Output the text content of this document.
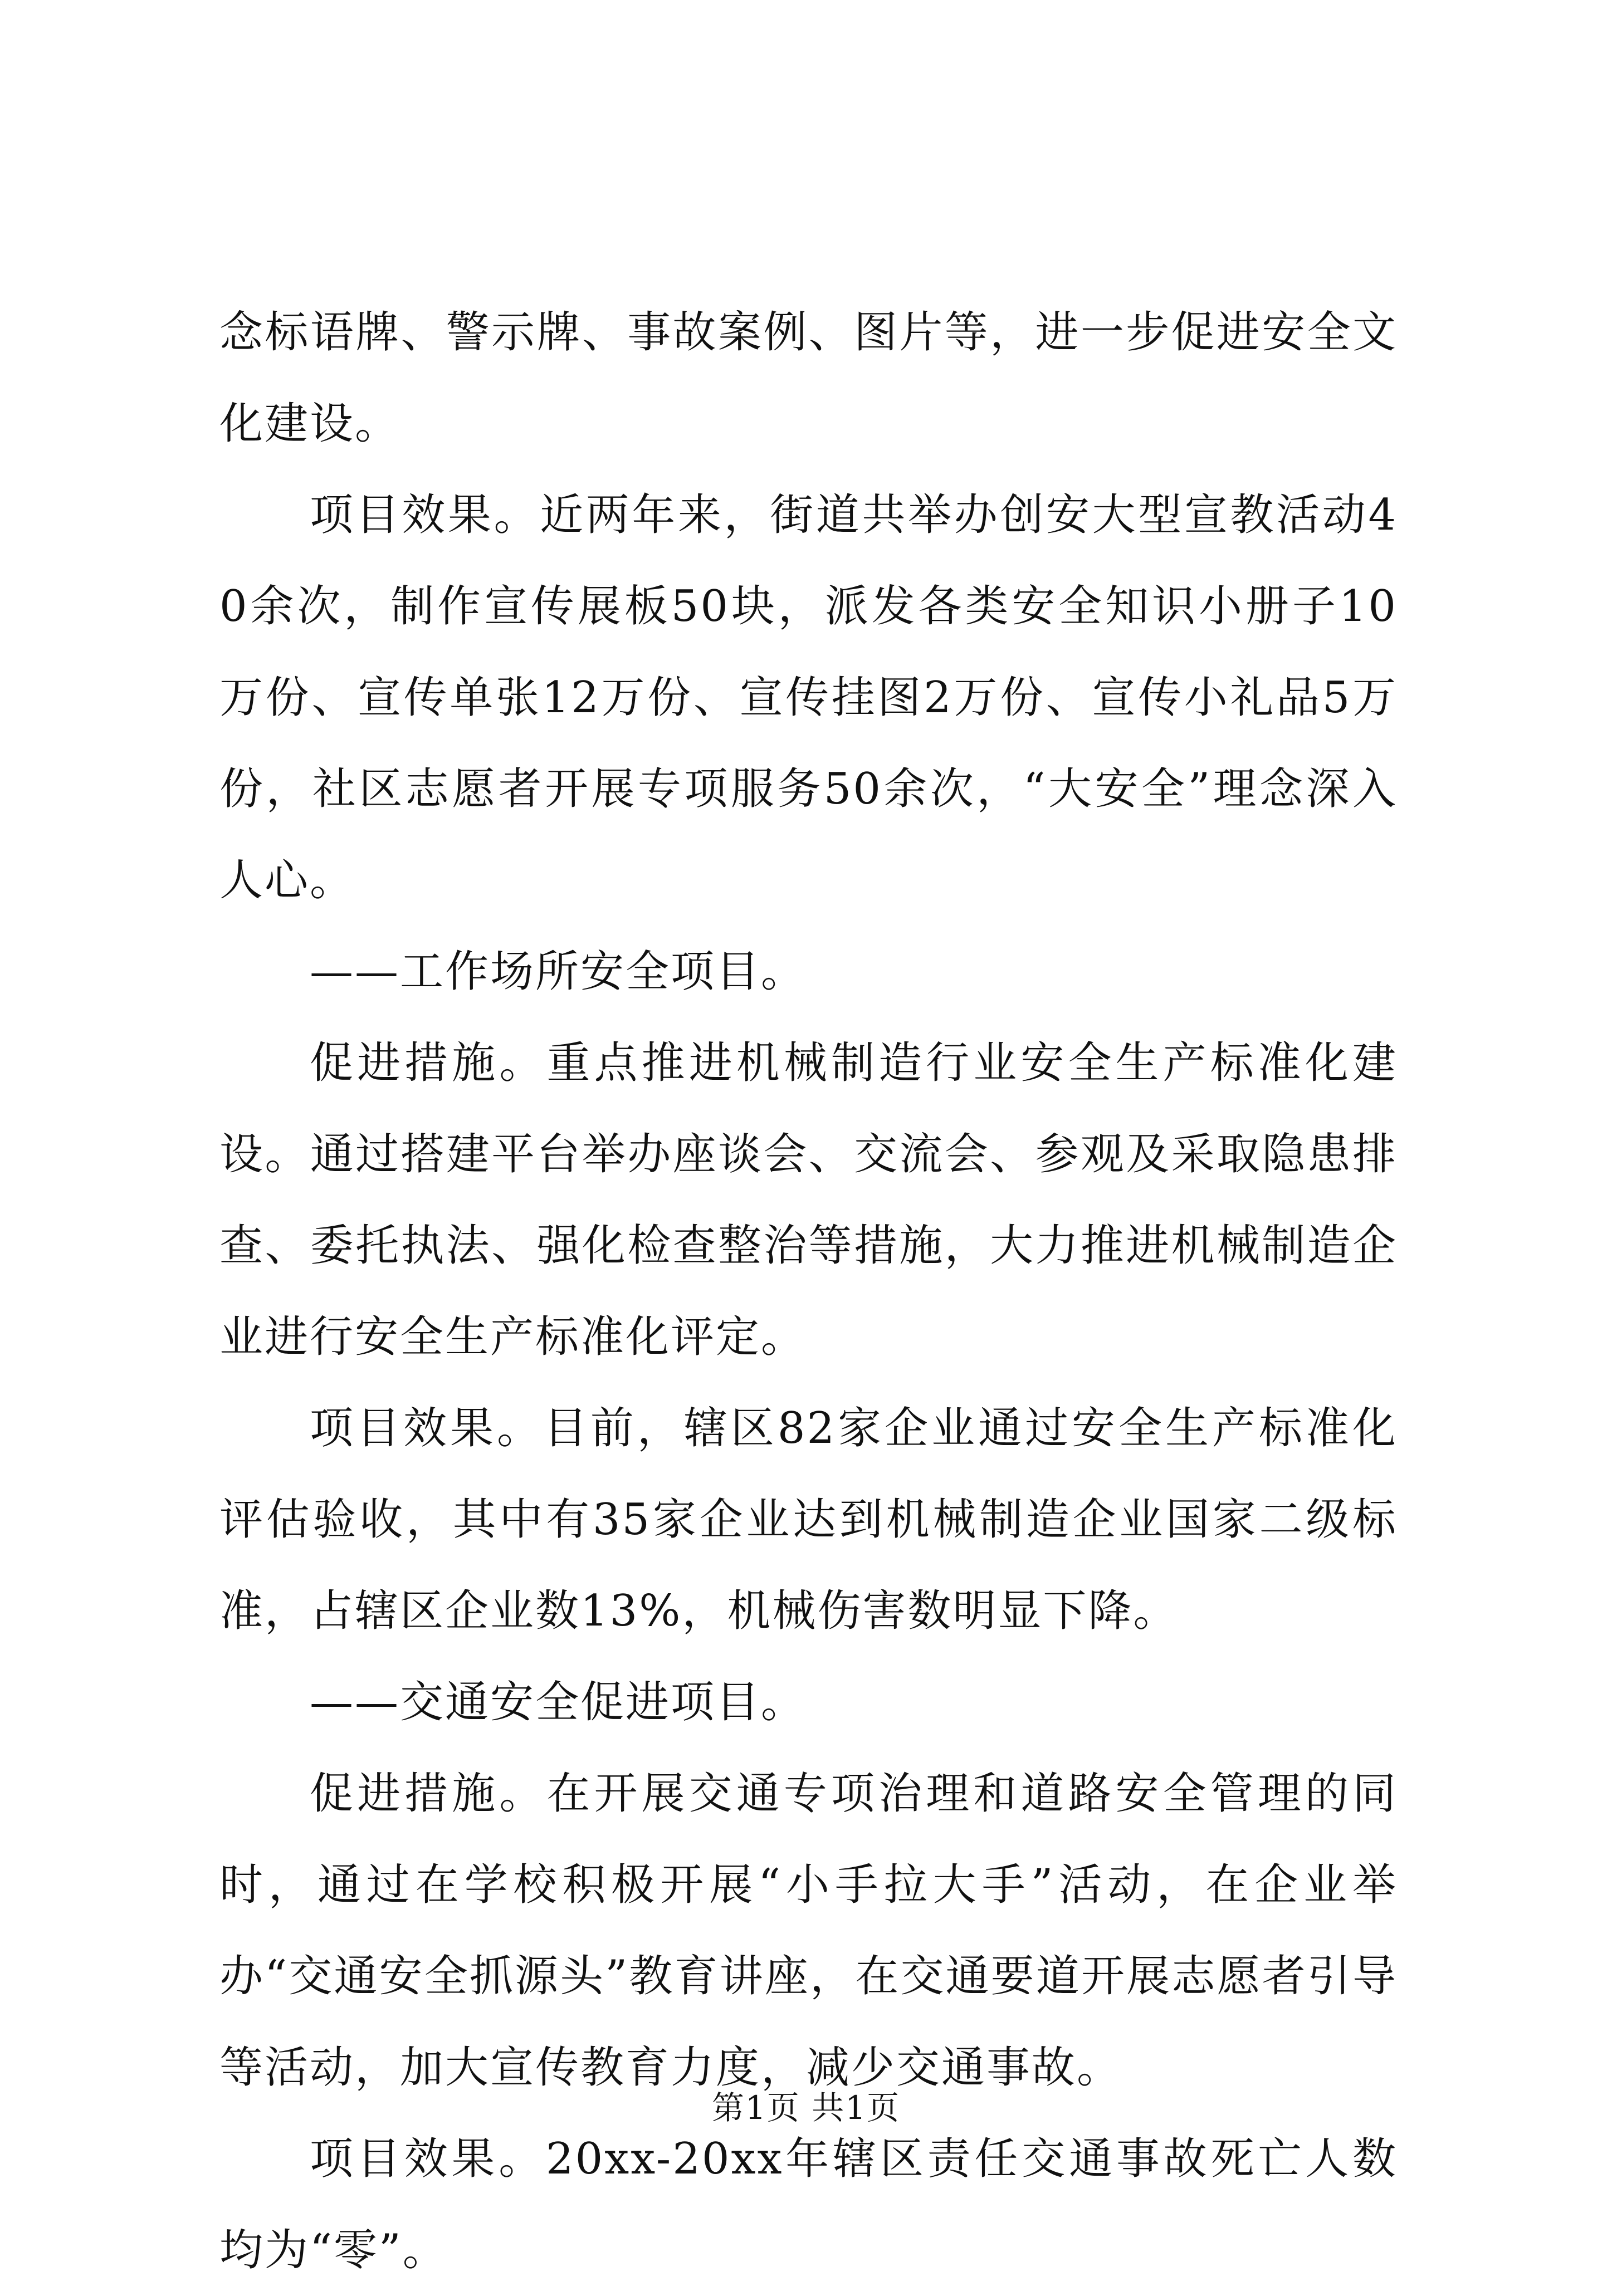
念标语牌、警示牌、事故案例、图片等，进一步促进安全文化建设。

项目效果。近两年来，街道共举办创安大型宣教活动40余次，制作宣传展板50块，派发各类安全知识小册子10万份、宣传单张12万份、宣传挂图2万份、宣传小礼品5万份，社区志愿者开展专项服务50余次，“大安全”理念深入人心。

——工作场所安全项目。

促进措施。重点推进机械制造行业安全生产标准化建设。通过搭建平台举办座谈会、交流会、参观及采取隐患排查、委托执法、强化检查整治等措施，大力推进机械制造企业进行安全生产标准化评定。

项目效果。目前，辖区82家企业通过安全生产标准化评估验收，其中有35家企业达到机械制造企业国家二级标准，占辖区企业数13%，机械伤害数明显下降。

——交通安全促进项目。

促进措施。在开展交通专项治理和道路安全管理的同时，通过在学校积极开展“小手拉大手”活动，在企业举办“交通安全抓源头”教育讲座，在交通要道开展志愿者引导等活动，加大宣传教育力度，减少交通事故。

项目效果。20xx-20xx年辖区责任交通事故死亡人数均为“零”。

第1页 共1页
